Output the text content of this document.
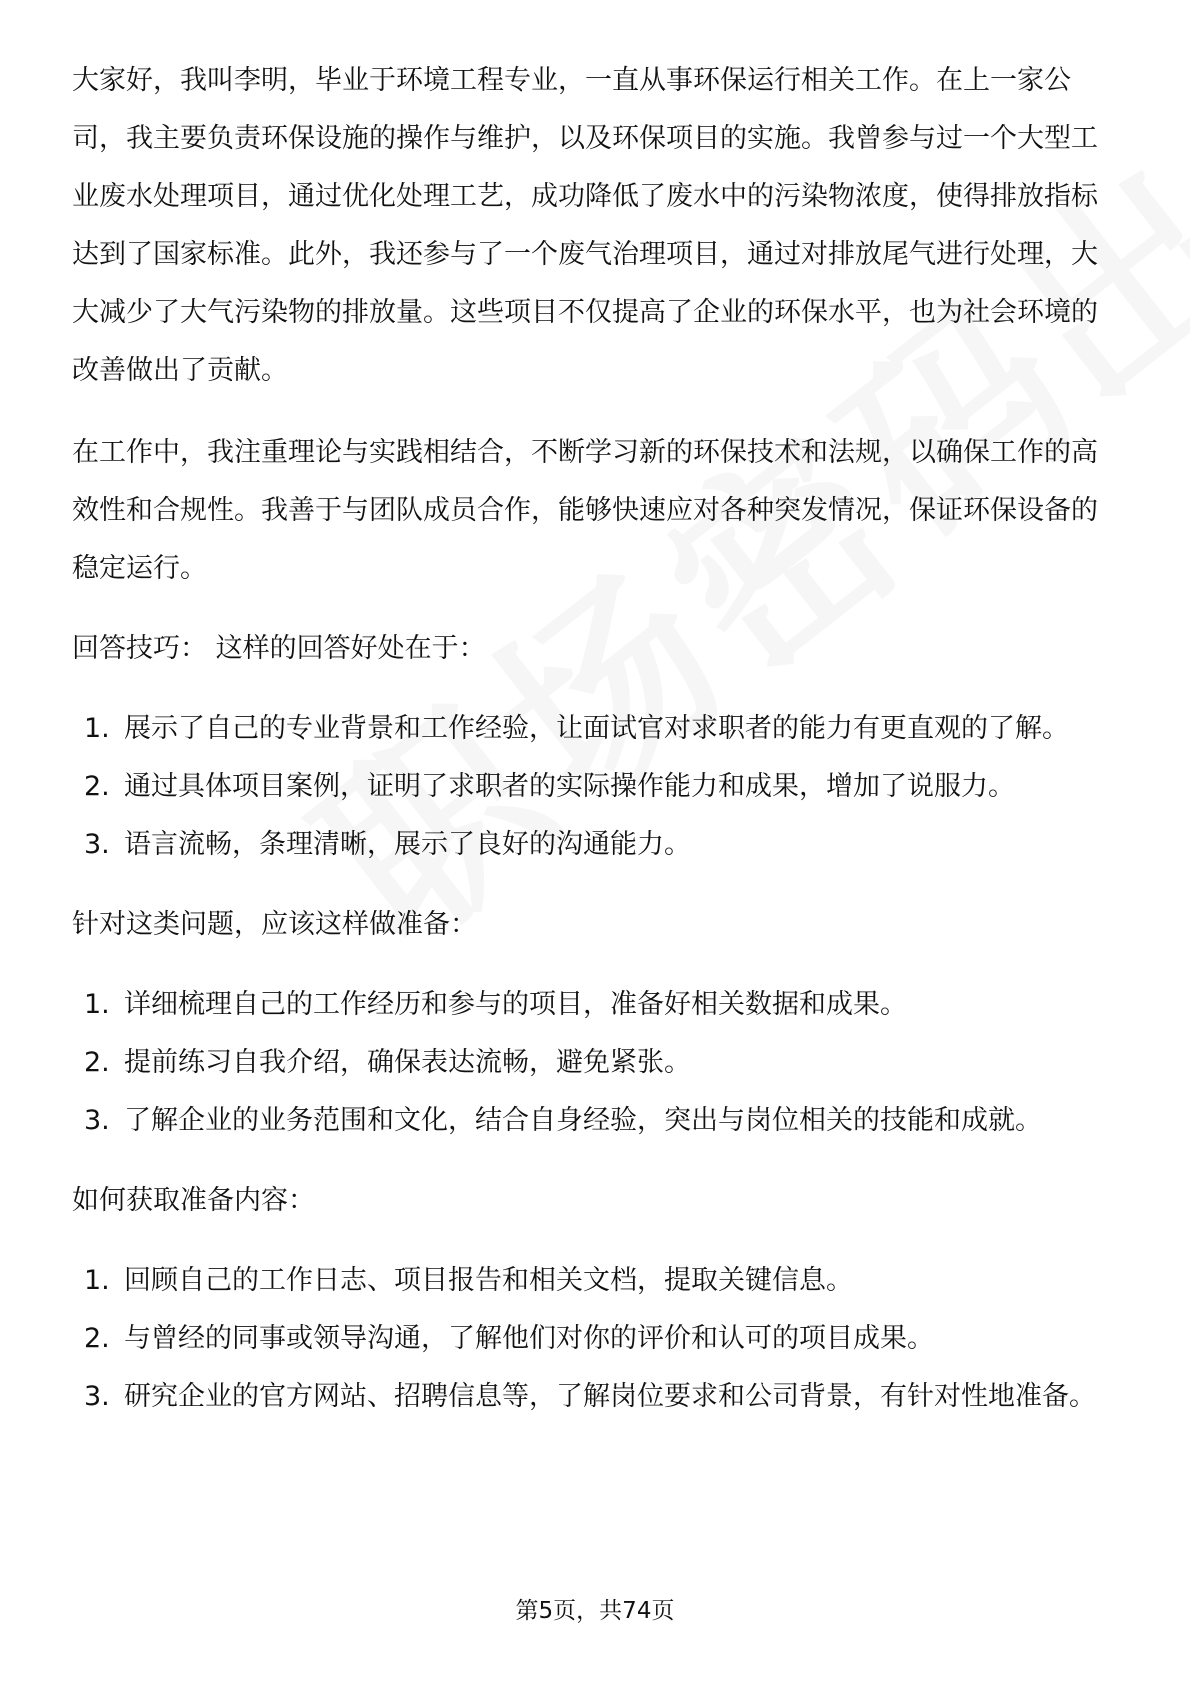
大家好，我叫李明，毕业于环境工程专业，一直从事环保运行相关工作。在上一家公司，我主要负责环保设施的操作与维护，以及环保项目的实施。我曾参与过一个大型工业废水处理项目，通过优化处理工艺，成功降低了废水中的污染物浓度，使得排放指标达到了国家标准。此外，我还参与了一个废气治理项目，通过对排放尾气进行处理，大大减少了大气污染物的排放量。这些项目不仅提高了企业的环保水平，也为社会环境的改善做出了贡献。

在工作中，我注重理论与实践相结合，不断学习新的环保技术和法规，以确保工作的高效性和合规性。我善于与团队成员合作，能够快速应对各种突发情况，保证环保设备的稳定运行。

回答技巧： 这样的回答好处在于：

1. 展示了自己的专业背景和工作经验，让面试官对求职者的能力有更直观的了解。
2. 通过具体项目案例，证明了求职者的实际操作能力和成果，增加了说服力。
3. 语言流畅，条理清晰，展示了良好的沟通能力。

针对这类问题，应该这样做准备：

1. 详细梳理自己的工作经历和参与的项目，准备好相关数据和成果。
2. 提前练习自我介绍，确保表达流畅，避免紧张。
3. 了解企业的业务范围和文化，结合自身经验，突出与岗位相关的技能和成就。

如何获取准备内容：

1. 回顾自己的工作日志、项目报告和相关文档，提取关键信息。
2. 与曾经的同事或领导沟通，了解他们对你的评价和认可的项目成果。
3. 研究企业的官方网站、招聘信息等，了解岗位要求和公司背景，有针对性地准备。
第5页，共74页
